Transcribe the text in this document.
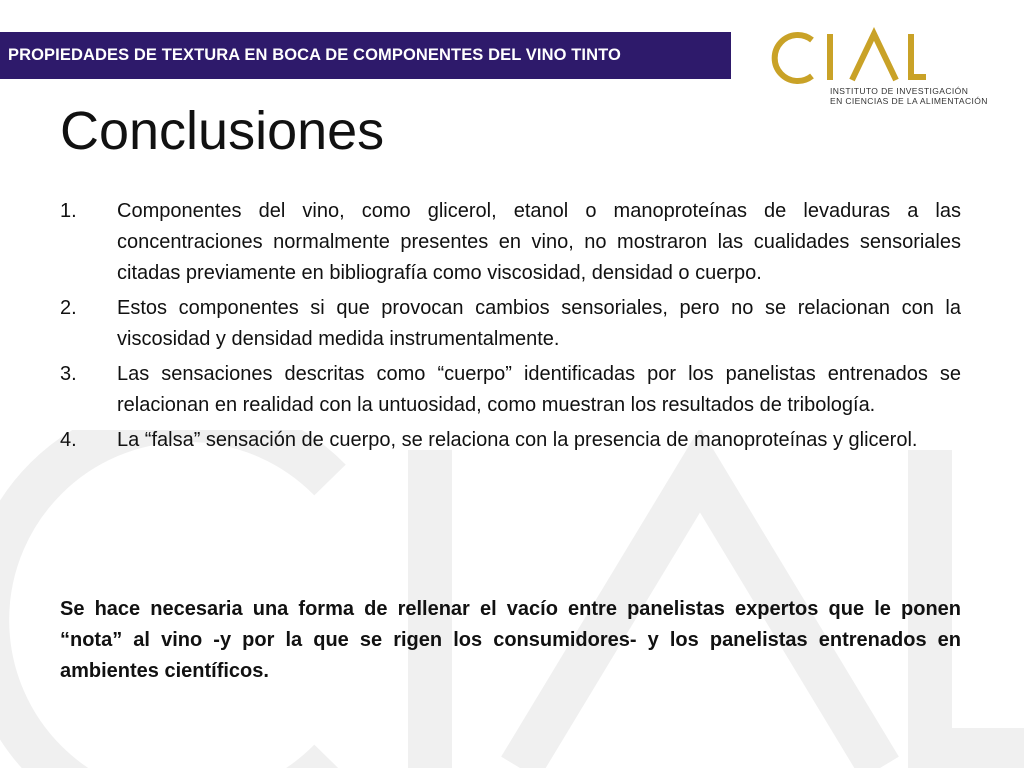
PROPIEDADES DE TEXTURA EN BOCA DE COMPONENTES DEL VINO TINTO
INSTITUTO DE INVESTIGACIÓN
EN CIENCIAS DE LA ALIMENTACIÓN
Conclusiones
1.	Componentes del vino, como glicerol, etanol o manoproteínas de levaduras a las concentraciones normalmente presentes en vino, no mostraron las cualidades sensoriales citadas previamente en bibliografía como viscosidad, densidad o cuerpo.
2.	Estos componentes si que provocan cambios sensoriales, pero no se relacionan con la viscosidad y densidad medida instrumentalmente.
3.	Las sensaciones descritas como “cuerpo” identificadas por los panelistas entrenados se relacionan en realidad con la untuosidad, como muestran los resultados de tribología.
4.	La “falsa” sensación de cuerpo, se relaciona con la presencia de manoproteínas y glicerol.

Se hace necesaria una forma de rellenar el vacío entre panelistas expertos que le ponen “nota” al vino -y por la que se rigen los consumidores- y los panelistas entrenados en ambientes científicos.
